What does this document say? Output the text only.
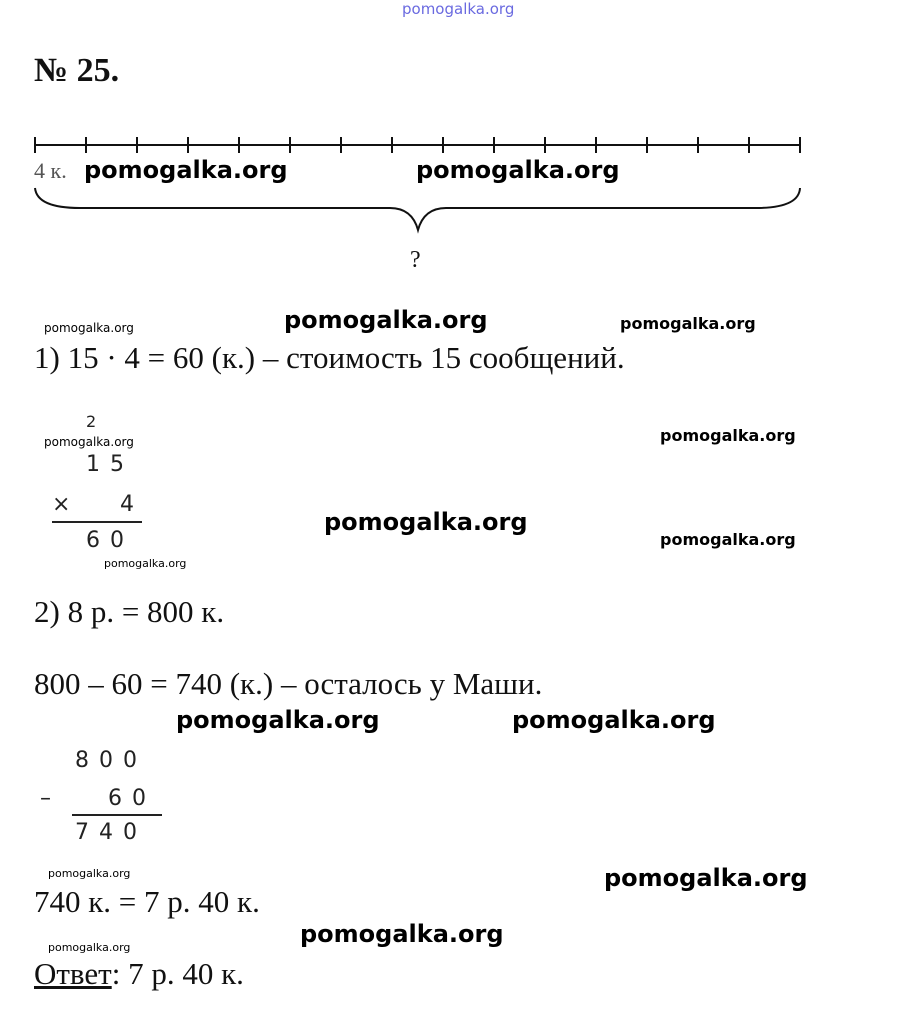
pomogalka.org
№ 25.
4 к.
?
1) 15 · 4 = 60 (к.) – стоимость 15 сообщений.
2
15
× 4
60
2) 8 р. = 800 к.
800 – 60 = 740 (к.) – осталось у Маши.
800
– 60
740
740 к. = 7 р. 40 к.
Ответ: 7 р. 40 к.
pomogalka.org	pomogalka.org
pomogalka.org	pomogalka.org	pomogalka.org
pomogalka.org	pomogalka.org
pomogalka.org
pomogalka.org
pomogalka.org
pomogalka.org	pomogalka.org
pomogalka.org	pomogalka.org
pomogalka.org
pomogalka.org
